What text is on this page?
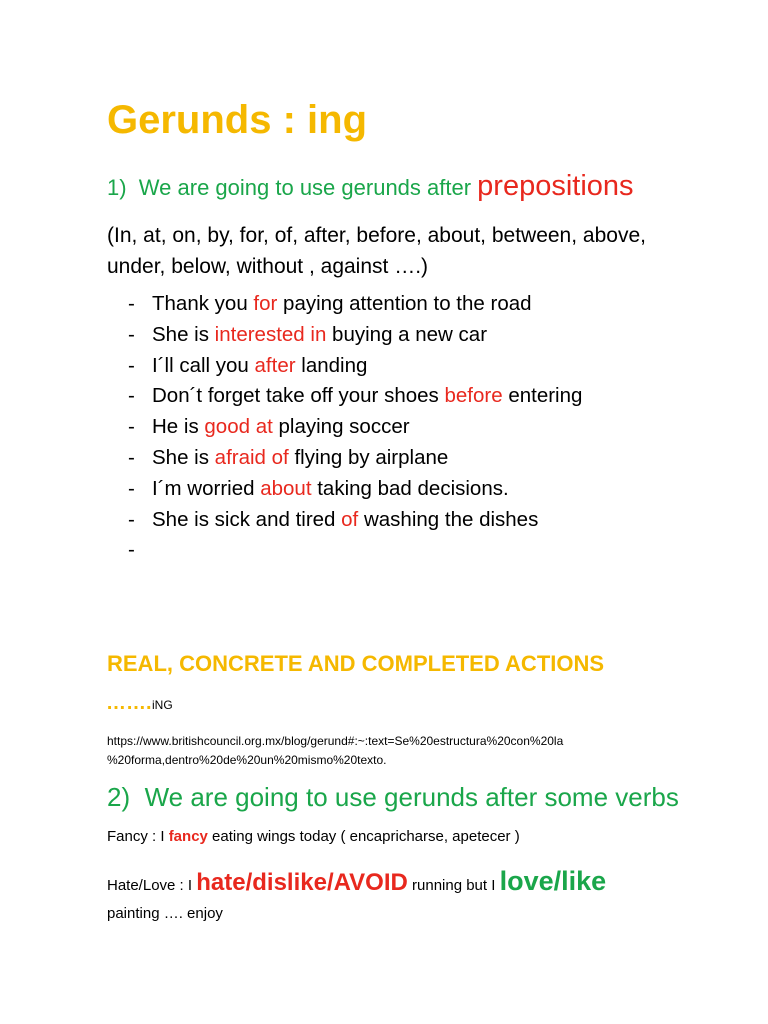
Gerunds : ing
1) We are going to use gerunds after prepositions
(In, at, on, by, for, of, after, before, about, between, above, under, below, without , against ….)
- Thank you for paying attention to the road
- She is interested in buying a new car
- I´ll call you after landing
- Don´t forget take off your shoes before entering
- He is good at playing soccer
- She is afraid of flying by airplane
- I´m worried about taking bad decisions.
- She is sick and tired of washing the dishes
-
REAL, CONCRETE AND COMPLETED ACTIONS
……. iNG
https://www.britishcouncil.org.mx/blog/gerund#:~:text=Se%20estructura%20con%20la %20forma,dentro%20de%20un%20mismo%20texto.
2) We are going to use gerunds after some verbs
Fancy : I fancy eating wings today ( encapricharse, apetecer )
Hate/Love : I hate/dislike/AVOID running but I love/like
painting …. enjoy
